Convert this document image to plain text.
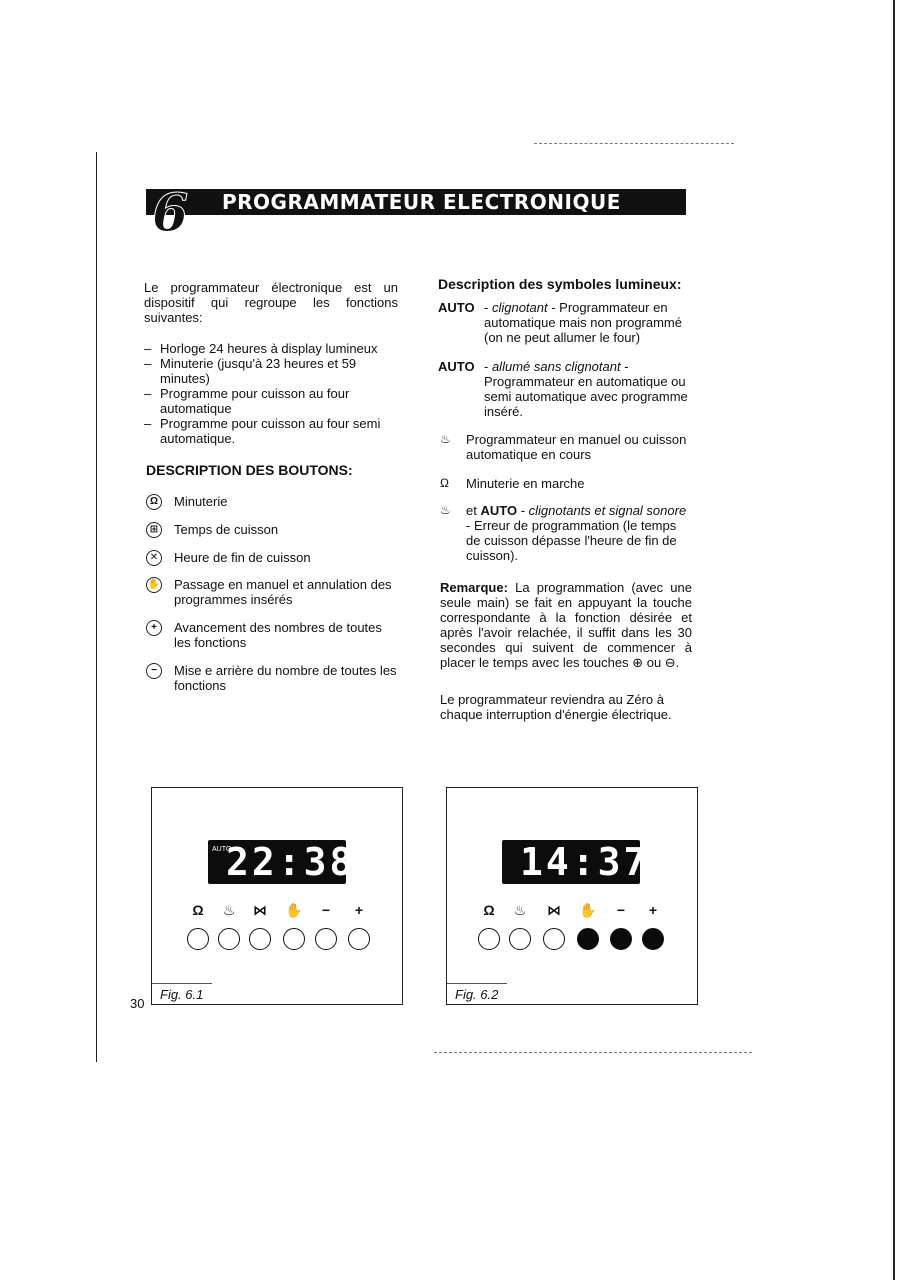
6 PROGRAMMATEUR ELECTRONIQUE
Le programmateur électronique est un dispositif qui regroupe les fonctions suivantes:
– Horloge 24 heures à display lumineux
– Minuterie (jusqu'à 23 heures et 59 minutes)
– Programme pour cuisson au four automatique
– Programme pour cuisson au four semi automatique.
DESCRIPTION DES BOUTONS:
Ω	Minuterie
⊞ Temps de cuisson
✕ Heure de fin de cuisson
✋ Passage en manuel et annulation des programmes insérés
+	Avancement des nombres de toutes les fonctions
−	Mise e arrière du nombre de toutes les fonctions
Description des symboles lumineux:
AUTO - clignotant - Programmateur en automatique mais non programmé (on ne peut allumer le four)
AUTO - allumé sans clignotant - Programmateur en automatique ou semi automatique avec programme inséré.
♨ Programmateur en manuel ou cuisson automatique en cours
Ω Minuterie en marche
♨ et AUTO - clignotants et signal sonore - Erreur de programmation (le temps de cuisson dépasse l'heure de fin de cuisson).
Remarque: La programmation (avec une seule main) se fait en appuyant la touche correspondante à la fonction désirée et après l'avoir relachée, il suffit dans les 30 secondes qui suivent de commencer à placer le temps avec les touches ⊕ ou ⊖.
Le programmateur reviendra au Zéro à chaque interruption d'énergie électrique.
AUTO
22:38
Ω	♨	⋈	✋	−	+
Fig. 6.1
14:37
Ω	♨	⋈	✋	−	+
Fig. 6.2
30
